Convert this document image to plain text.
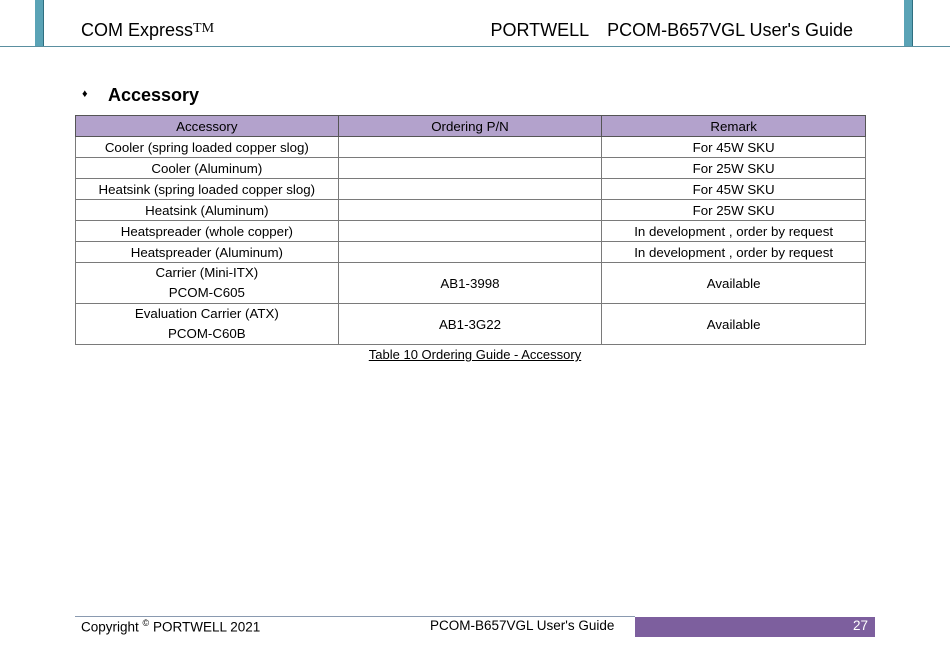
COM Express™	PORTWELL PCOM-B657VGL User's Guide
♦ Accessory
Accessory	Ordering P/N	Remark
Cooler (spring loaded copper slog)		For 45W SKU
Cooler (Aluminum)		For 25W SKU
Heatsink (spring loaded copper slog)		For 45W SKU
Heatsink (Aluminum)		For 25W SKU
Heatspreader (whole copper)		In development , order by request
Heatspreader (Aluminum)		In development , order by request

Carrier (Mini-ITX)
PCOM-C605	AB1-3998	Available

Evaluation Carrier (ATX)
PCOM-C60B	AB1-3G22	Available
Table 10 Ordering Guide - Accessory
Copyright © PORTWELL 2021	PCOM-B657VGL User's Guide	27
